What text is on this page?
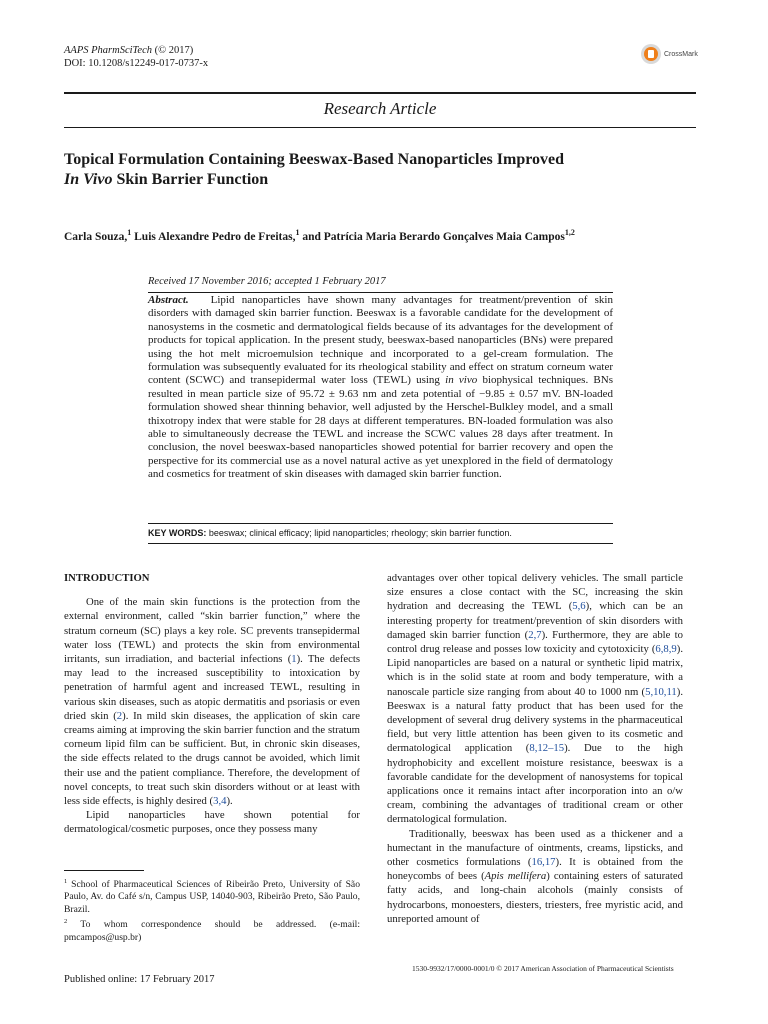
AAPS PharmSciTech (© 2017)
DOI: 10.1208/s12249-017-0737-x
CrossMark
Research Article
Topical Formulation Containing Beeswax-Based Nanoparticles Improved
In Vivo Skin Barrier Function
Carla Souza,$^1$ Luis Alexandre Pedro de Freitas,$^1$ and Patrícia Maria Berardo Gonçalves Maia Campos$^{1,2}$
Received 17 November 2016; accepted 1 February 2017
Abstract. Lipid nanoparticles have shown many advantages for treatment/prevention of skin disorders with damaged skin barrier function. Beeswax is a favorable candidate for the development of nanosystems in the cosmetic and dermatological fields because of its advantages for the development of products for topical application. In the present study, beeswax-based nanoparticles (BNs) were prepared using the hot melt microemulsion technique and incorporated to a gel-cream formulation. The formulation was subsequently evaluated for its rheological stability and effect on stratum corneum water content (SCWC) and transepidermal water loss (TEWL) using in vivo biophysical techniques. BNs resulted in mean particle size of 95.72 ± 9.63 nm and zeta potential of −9.85 ± 0.57 mV. BN-loaded formulation showed shear thinning behavior, well adjusted by the Herschel-Bulkley model, and a small thixotropy index that were stable for 28 days at different temperatures. BN-loaded formulation was also able to simultaneously decrease the TEWL and increase the SCWC values 28 days after treatment. In conclusion, the novel beeswax-based nanoparticles showed potential for barrier recovery and open the perspective for its commercial use as a novel natural active as yet unexplored in the field of dermatology and cosmetics for treatment of skin diseases with damaged skin barrier function.
KEY WORDS: beeswax; clinical efficacy; lipid nanoparticles; rheology; skin barrier function.
INTRODUCTION

One of the main skin functions is the protection from the external environment, called “skin barrier function,” where the stratum corneum (SC) plays a key role. SC prevents transepidermal water loss (TEWL) and protects the skin from environmental irritants, sun irradiation, and bacterial infections (1). The defects may lead to the increased susceptibility to intoxication by penetration of harmful agent and increased TEWL, resulting in various skin diseases, such as atopic dermatitis and psoriasis or even dried skin (2). In mild skin diseases, the application of skin care creams aiming at improving the skin barrier function and the stratum corneum lipid film can be sufficient. But, in chronic skin diseases, the side effects related to the drugs cannot be avoided, which limit their use and the patient compliance. Therefore, the development of novel concepts, to treat such skin disorders without or at least with less side effects, is highly desired (3,4).

Lipid nanoparticles have shown potential for dermatological/cosmetic purposes, once they possess many

advantages over other topical delivery vehicles. The small particle size ensures a close contact with the SC, increasing the skin hydration and decreasing the TEWL (5,6), which can be an interesting property for treatment/prevention of skin disorders with damaged skin barrier function (2,7). Furthermore, they are able to control drug release and posses low toxicity and cytotoxicity (6,8,9). Lipid nanoparticles are based on a natural or synthetic lipid matrix, which is in the solid state at room and body temperature, with a nanoscale particle size ranging from about 40 to 1000 nm (5,10,11). Beeswax is a natural fatty product that has been used for the development of several drug delivery systems in the pharmaceutical field, but very little attention has been given to its cosmetic and dermatological application (8,12–15). Due to the high hydrophobicity and excellent moisture resistance, beeswax is a favorable candidate for the development of nanosystems for topical applications once it remains intact after incorporation into an o/w cream, combining the advantages of traditional cream or other dermatological formulation.

Traditionally, beeswax has been used as a thickener and a humectant in the manufacture of ointments, creams, lipsticks, and other cosmetics formulations (16,17). It is obtained from the honeycombs of bees (Apis mellifera) containing esters of saturated fatty acids, and long-chain alcohols (mainly consists of hydrocarbons, monoesters, diesters, triesters, free myristic acid, and unreported amount of

$^1$ School of Pharmaceutical Sciences of Ribeirão Preto, University of São Paulo, Av. do Café s/n, Campus USP, 14040-903, Ribeirão Preto, São Paulo, Brazil.

$^2$ To whom correspondence should be addressed. (e-mail: pmcampos@usp.br)

1530-9932/17/0000-0001/0 © 2017 American Association of Pharmaceutical Scientists
Published online: 17 February 2017
